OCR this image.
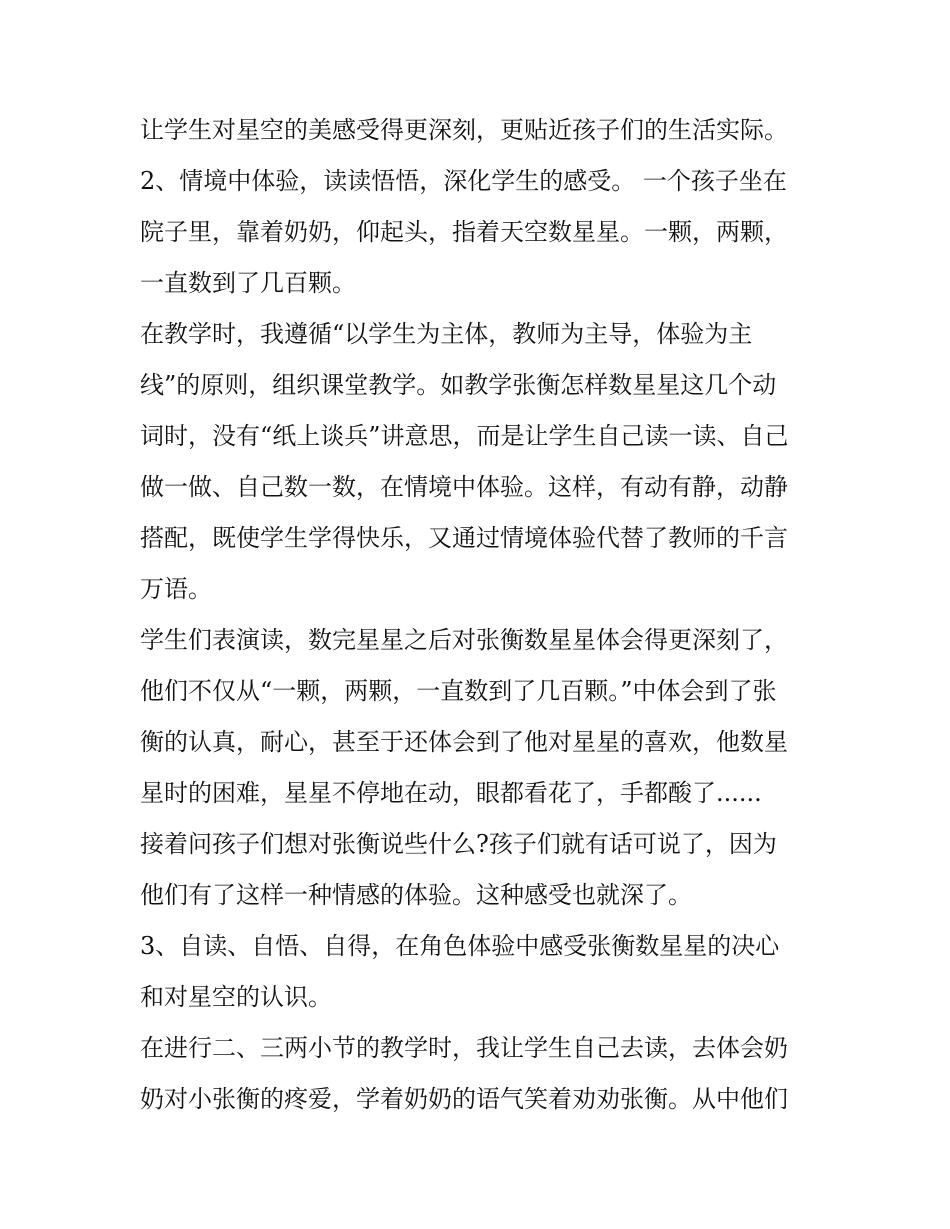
让学生对星空的美感受得更深刻，更贴近孩子们的生活实际。
2、情境中体验，读读悟悟，深化学生的感受。 一个孩子坐在
院子里，靠着奶奶，仰起头，指着天空数星星。一颗，两颗，
一直数到了几百颗。
在教学时，我遵循“以学生为主体，教师为主导，体验为主
线”的原则，组织课堂教学。如教学张衡怎样数星星这几个动
词时，没有“纸上谈兵”讲意思，而是让学生自己读一读、自己
做一做、自己数一数，在情境中体验。这样，有动有静，动静
搭配，既使学生学得快乐，又通过情境体验代替了教师的千言
万语。
学生们表演读，数完星星之后对张衡数星星体会得更深刻了，
他们不仅从“一颗，两颗，一直数到了几百颗。”中体会到了张
衡的认真，耐心，甚至于还体会到了他对星星的喜欢，他数星
星时的困难，星星不停地在动，眼都看花了，手都酸了......
接着问孩子们想对张衡说些什么?孩子们就有话可说了，因为
他们有了这样一种情感的体验。这种感受也就深了。
3、自读、自悟、自得，在角色体验中感受张衡数星星的决心
和对星空的认识。
在进行二、三两小节的教学时，我让学生自己去读，去体会奶
奶对小张衡的疼爱，学着奶奶的语气笑着劝劝张衡。从中他们
